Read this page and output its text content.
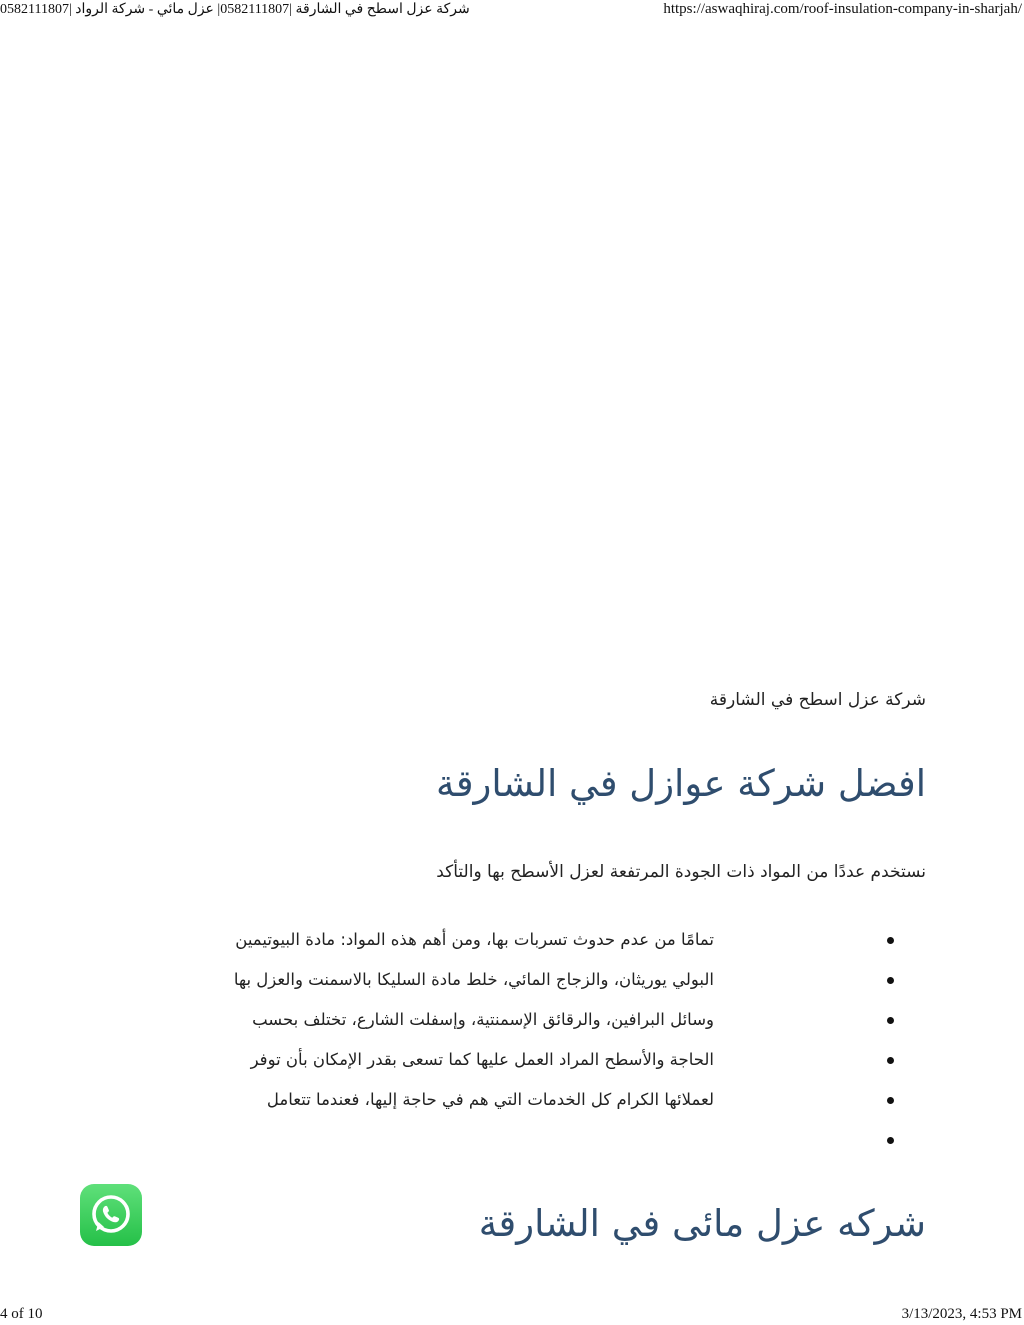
شركة عزل اسطح في الشارقة |0582111807| عزل مائي - شركة الرواد |0582111807	https://aswaqhiraj.com/roof-insulation-company-in-sharjah/
شركة عزل اسطح في الشارقة
افضل شركة عوازل في الشارقة

نستخدم عددًا من المواد ذات الجودة المرتفعة لعزل الأسطح بها والتأكد

تمامًا من عدم حدوث تسربات بها، ومن أهم هذه المواد: مادة البيوتيمين
البولي يوريثان، والزجاج المائي، خلط مادة السليكا بالاسمنت والعزل بها
وسائل البرافين، والرقائق الإسمنتية، وإسفلت الشارع، تختلف بحسب
الحاجة والأسطح المراد العمل عليها كما تسعى بقدر الإمكان بأن توفر
لعملائها الكرام كل الخدمات التي هم في حاجة إليها، فعندما تتعامل
شركه عزل مائى في الشارقة
4 of 10	3/13/2023, 4:53 PM
